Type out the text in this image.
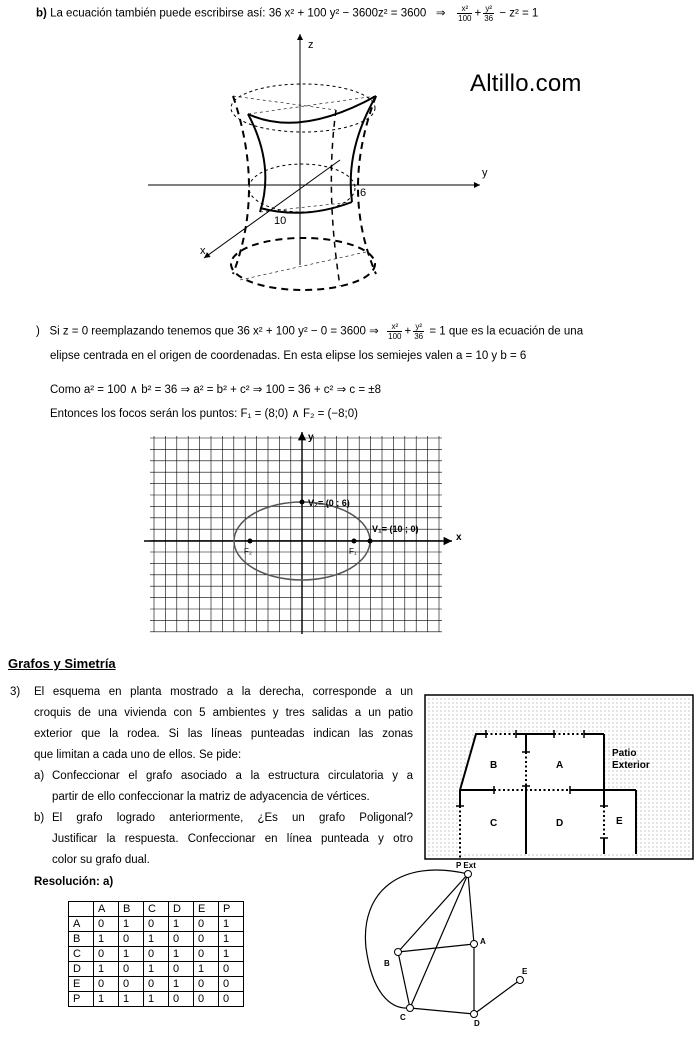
b) La ecuación también puede escribirse así: 36 x² + 100 y² − 3600z² = 3600 ⇒ $\frac{\text{x²}}{100} + \frac{\text{y²}}{36} - z^2 = 1$
Altillo.com
z
y
x
6
10
) Si z = 0 reemplazando tenemos que 36 x² + 100 y² − 0 = 3600 ⇒ $\frac{\text{x²}}{100} + \frac{\text{y²}}{36} = 1$ que es la ecuación de una
elipse centrada en el origen de coordenadas. En esta elipse los semiejes valen a = 10 y b = 6
Como a² = 100 ∧ b² = 36 ⇒ a² = b² + c² ⇒ 100 = 36 + c² ⇒ c = ±8
Entonces los focos serán los puntos: F₁ = (8;0) ∧ F₂ = (−8;0)
x
y
V₁= (10 ; 0)
V₂= (0 ; 6)
F₁
F₂
Grafos y Simetría
3) El esquema en planta mostrado a la derecha, corresponde a un
croquis de una vivienda con 5 ambientes y tres salidas a un patio
exterior que la rodea. Si las líneas punteadas indican las zonas
que limitan a cada uno de ellos. Se pide:
a) Confeccionar el grafo asociado a la estructura circulatoria y a
partir de ello confeccionar la matriz de adyacencia de vértices.
b) El grafo logrado anteriormente, ¿Es un grafo Poligonal?
Justificar la respuesta. Confeccionar en línea punteada y otro
color su grafo dual.
Resolución: a)
B	A
C	D	E
Patio
Exterior
	A	B	C	D	E	P
A	0	1	0	1	0	1
B	1	0	1	0	0	1
C	0	1	0	1	0	1
D	1	0	1	0	1	0
E	0	0	0	1	0	0
P	1	1	1	0	0	0
P Ext
A
B
C
D
E
